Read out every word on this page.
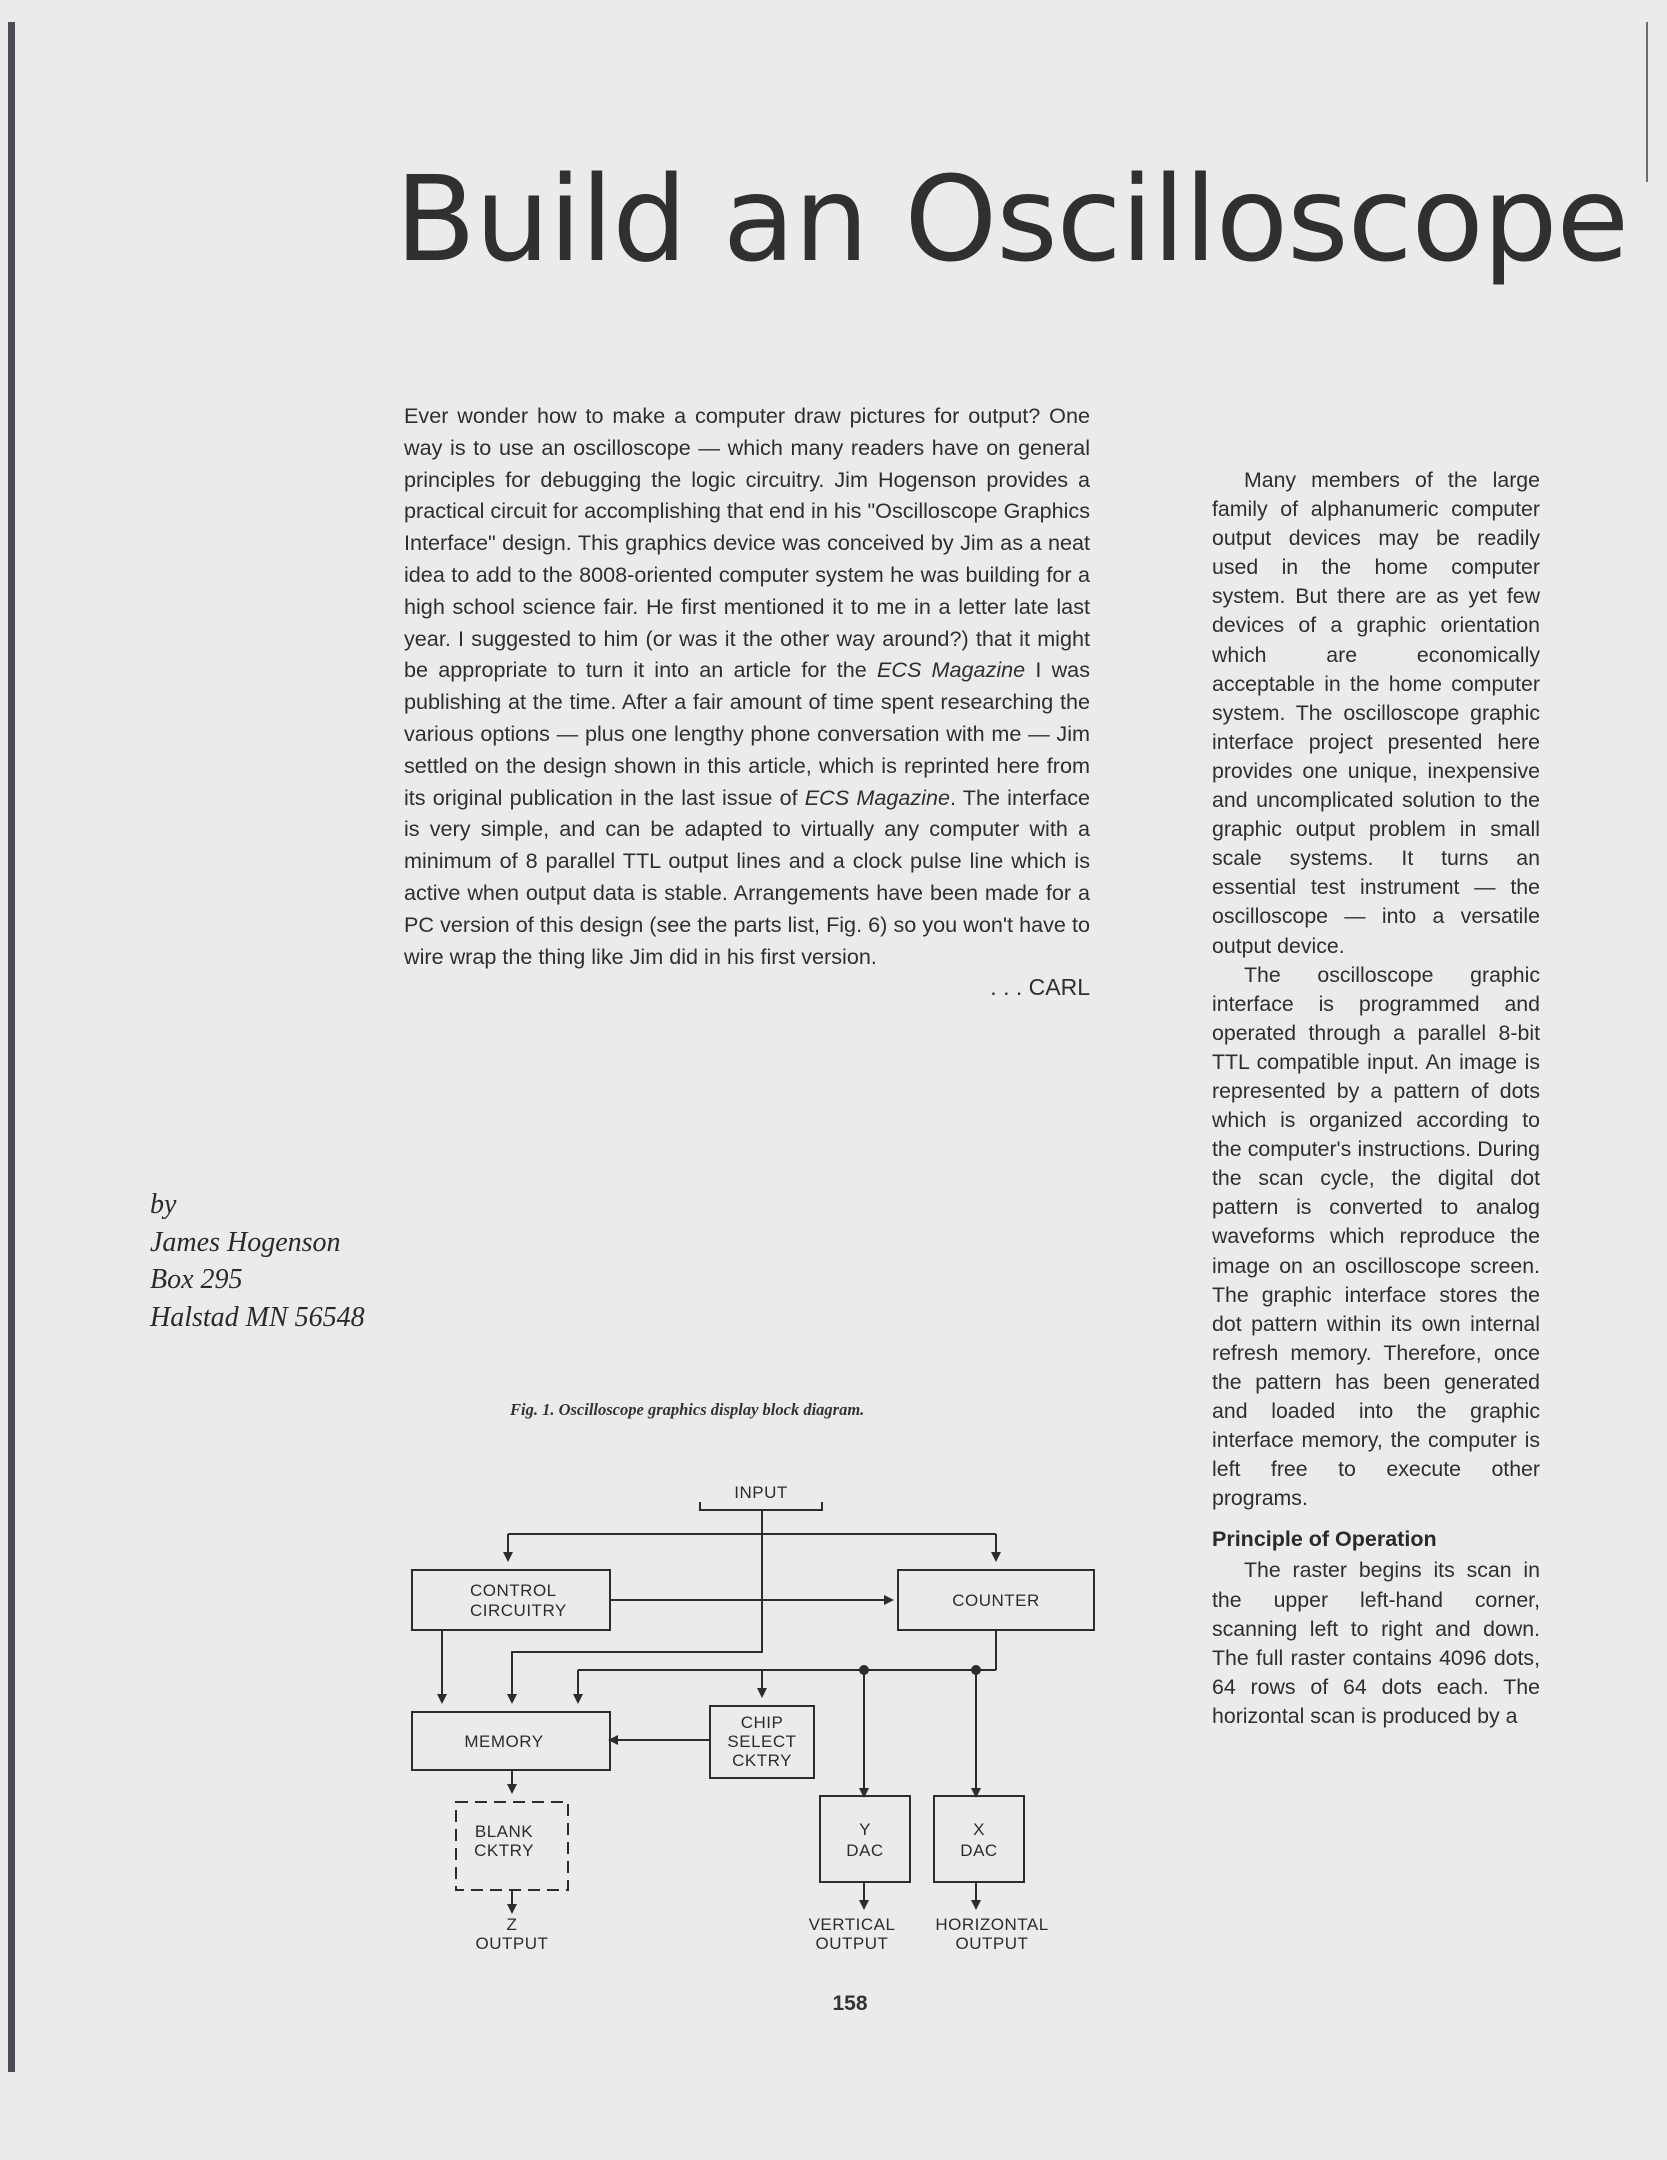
Build an Oscilloscope

Ever wonder how to make a computer draw pictures for output? One way is to use an oscilloscope — which many readers have on general principles for debugging the logic circuitry. Jim Hogenson provides a practical circuit for accomplishing that end in his "Oscilloscope Graphics Interface" design. This graphics device was conceived by Jim as a neat idea to add to the 8008-oriented computer system he was building for a high school science fair. He first mentioned it to me in a letter late last year. I suggested to him (or was it the other way around?) that it might be appropriate to turn it into an article for the ECS Magazine I was publishing at the time. After a fair amount of time spent researching the various options — plus one lengthy phone conversation with me — Jim settled on the design shown in this article, which is reprinted here from its original publication in the last issue of ECS Magazine. The interface is very simple, and can be adapted to virtually any computer with a minimum of 8 parallel TTL output lines and a clock pulse line which is active when output data is stable. Arrangements have been made for a PC version of this design (see the parts list, Fig. 6) so you won't have to wire wrap the thing like Jim did in his first version.

. . . CARL

by
James Hogenson
Box 295
Halstad MN 56548

Many members of the large family of alphanumeric computer output devices may be readily used in the home computer system. But there are as yet few devices of a graphic orientation which are economically acceptable in the home computer system. The oscilloscope graphic interface project presented here provides one unique, inexpensive and uncomplicated solution to the graphic output problem in small scale systems. It turns an essential test instrument — the oscilloscope — into a versatile output device.

The oscilloscope graphic interface is programmed and operated through a parallel 8-bit TTL compatible input. An image is represented by a pattern of dots which is organized according to the computer's instructions. During the scan cycle, the digital dot pattern is converted to analog waveforms which reproduce the image on an oscilloscope screen. The graphic interface stores the dot pattern within its own internal refresh memory. Therefore, once the pattern has been generated and loaded into the graphic interface memory, the computer is left free to execute other programs.

Principle of Operation

The raster begins its scan in the upper left-hand corner, scanning left to right and down. The full raster contains 4096 dots, 64 rows of 64 dots each. The horizontal scan is produced by a

Fig. 1. Oscilloscope graphics display block diagram.
INPUT
CONTROL
CIRCUITRY
COUNTER
MEMORY
CHIP
SELECT
CKTRY
BLANK
CKTRY
Y
DAC
X
DAC
Z
OUTPUT
VERTICAL
OUTPUT
HORIZONTAL
OUTPUT
158
